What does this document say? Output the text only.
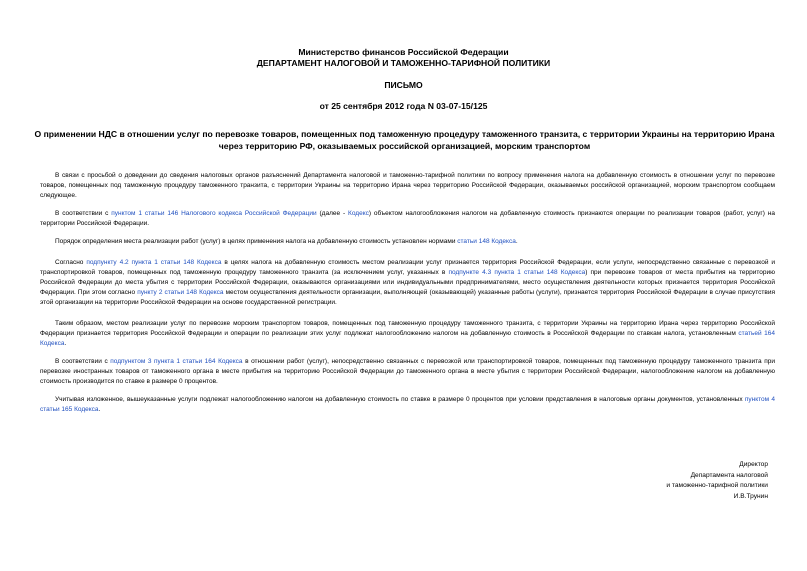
Министерство финансов Российской Федерации
ДЕПАРТАМЕНТ НАЛОГОВОЙ И ТАМОЖЕННО-ТАРИФНОЙ ПОЛИТИКИ
ПИСЬМО
от 25 сентября 2012 года N 03-07-15/125
О применении НДС в отношении услуг по перевозке товаров, помещенных под таможенную процедуру таможенного транзита, с территории Украины на территорию Ирана через территорию РФ, оказываемых российской организацией, морским транспортом

В связи с просьбой о доведении до сведения налоговых органов разъяснений Департамента налоговой и таможенно-тарифной политики по вопросу применения налога на добавленную стоимость в отношении услуг по перевозке товаров, помещенных под таможенную процедуру таможенного транзита, с территории Украины на территорию Ирана через территорию Российской Федерации, оказываемых российской организацией, морским транспортом сообщаем следующее.

В соответствии с пунктом 1 статьи 146 Налогового кодекса Российской Федерации (далее - Кодекс) объектом налогообложения налогом на добавленную стоимость признаются операции по реализации товаров (работ, услуг) на территории Российской Федерации.

Порядок определения места реализации работ (услуг) в целях применения налога на добавленную стоимость установлен нормами статьи 148 Кодекса.

Согласно подпункту 4.2 пункта 1 статьи 148 Кодекса в целях налога на добавленную стоимость местом реализации услуг признается территория Российской Федерации, если услуги, непосредственно связанные с перевозкой и транспортировкой товаров, помещенных под таможенную процедуру таможенного транзита (за исключением услуг, указанных в подпункте 4.3 пункта 1 статьи 148 Кодекса) при перевозке товаров от места прибытия на территорию Российской Федерации до места убытия с территории Российской Федерации, оказываются организациями или индивидуальными предпринимателями, место осуществления деятельности которых признается территория Российской Федерации. При этом согласно пункту 2 статьи 148 Кодекса местом осуществления деятельности организации, выполняющей (оказывающей) указанные работы (услуги), признается территория Российской Федерации в случае присутствия этой организации на территории Российской Федерации на основе государственной регистрации.

Таким образом, местом реализации услуг по перевозке морским транспортом товаров, помещенных под таможенную процедуру таможенного транзита, с территории Украины на территорию Ирана через территорию Российской Федерации признается территория Российской Федерации и операции по реализации этих услуг подлежат налогообложению налогом на добавленную стоимость в Российской Федерации по ставкам налога, установленным статьей 164 Кодекса.

В соответствии с подпунктом 3 пункта 1 статьи 164 Кодекса в отношении работ (услуг), непосредственно связанных с перевозкой или транспортировкой товаров, помещенных под таможенную процедуру таможенного транзита при перевозке иностранных товаров от таможенного органа в месте прибытия на территорию Российской Федерации до таможенного органа в месте убытия с территории Российской Федерации, налогообложение налогом на добавленную стоимость производится по ставке в размере 0 процентов.

Учитывая изложенное, вышеуказанные услуги подлежат налогообложению налогом на добавленную стоимость по ставке в размере 0 процентов при условии представления в налоговые органы документов, установленных пунктом 4 статьи 165 Кодекса.

Директор
Департамента налоговой
и таможенно-тарифной политики
И.В.Трунин
